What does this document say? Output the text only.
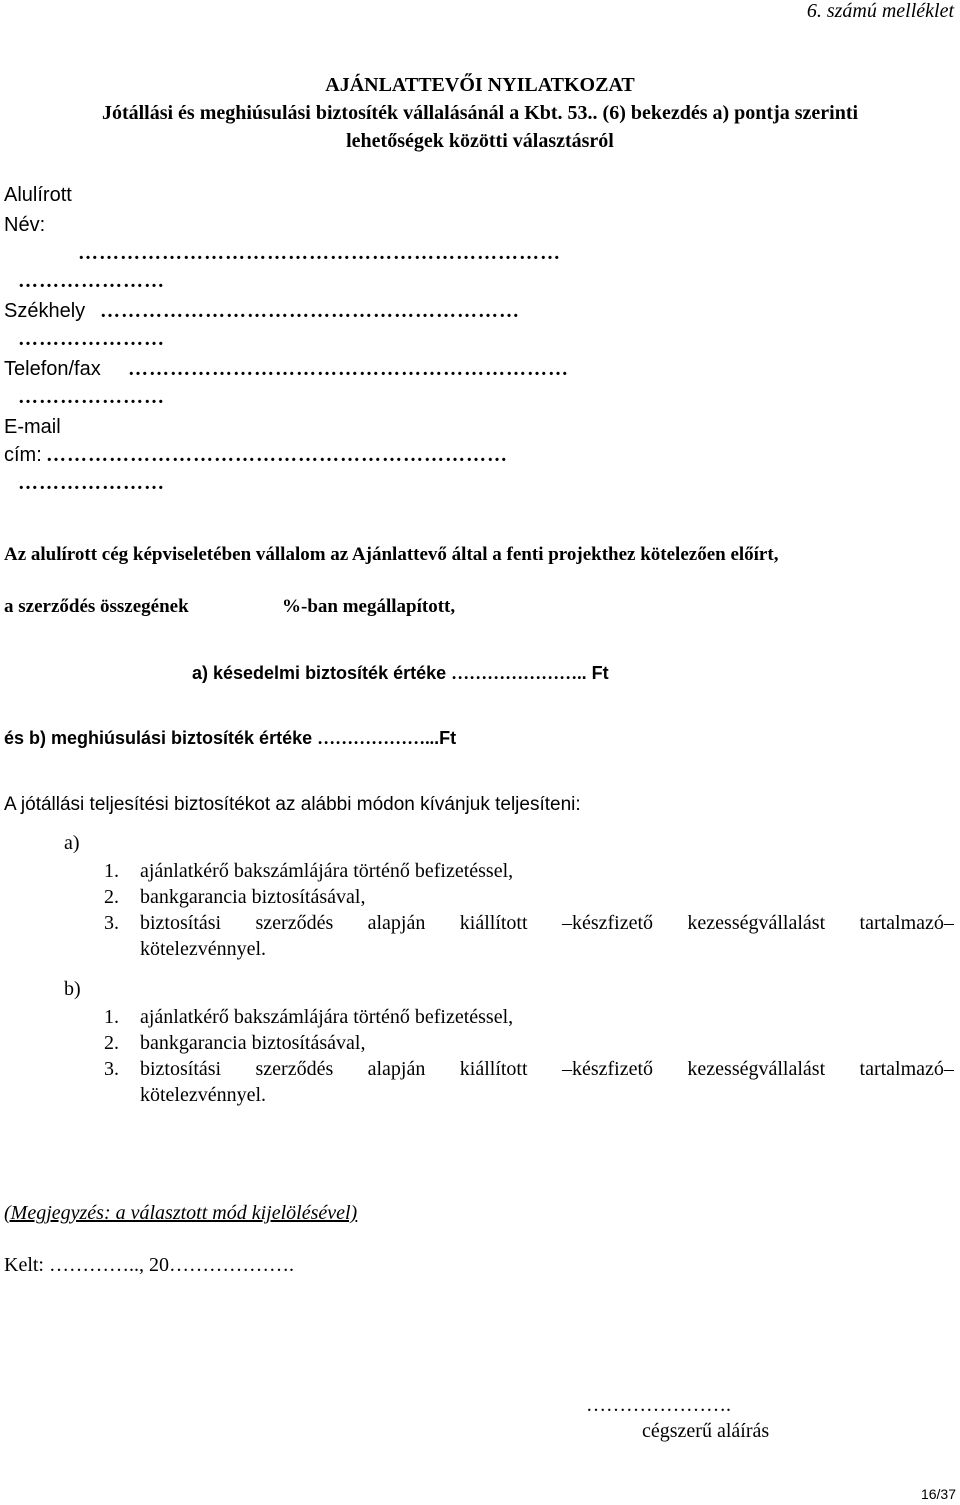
6. számú melléklet
AJÁNLATTEVŐI NYILATKOZAT
Jótállási és meghiúsulási biztosíték vállalásánál a Kbt. 53.. (6) bekezdés a) pontja szerinti
lehetőségek közötti választásról
Alulírott
Név:
……………………………………………………………
…………………
Székhely ……………………………………………………
…………………
Telefon/fax ………………………………………………………
…………………
E-mail
cím: …………………………………………………………
…………………
Az alulírott cég képviseletében vállalom az Ajánlattevő által a fenti projekthez kötelezően előírt,
a szerződés összegének	%-ban megállapított,
a) késedelmi biztosíték értéke ………………….. Ft
és b) meghiúsulási biztosíték értéke ………………...Ft
A jótállási teljesítési biztosítékot az alábbi módon kívánjuk teljesíteni:
a)
1. ajánlatkérő bakszámlájára történő befizetéssel,
2. bankgarancia biztosításával,
3. biztosítási szerződés alapján kiállított –készfizető kezességvállalást tartalmazó–
kötelezvénnyel.
b)
1. ajánlatkérő bakszámlájára történő befizetéssel,
2. bankgarancia biztosításával,
3. biztosítási szerződés alapján kiállított –készfizető kezességvállalást tartalmazó–
kötelezvénnyel.
(Megjegyzés: a választott mód kijelölésével)
Kelt: ………….., 20……………….
………………….
cégszerű aláírás
16/37
